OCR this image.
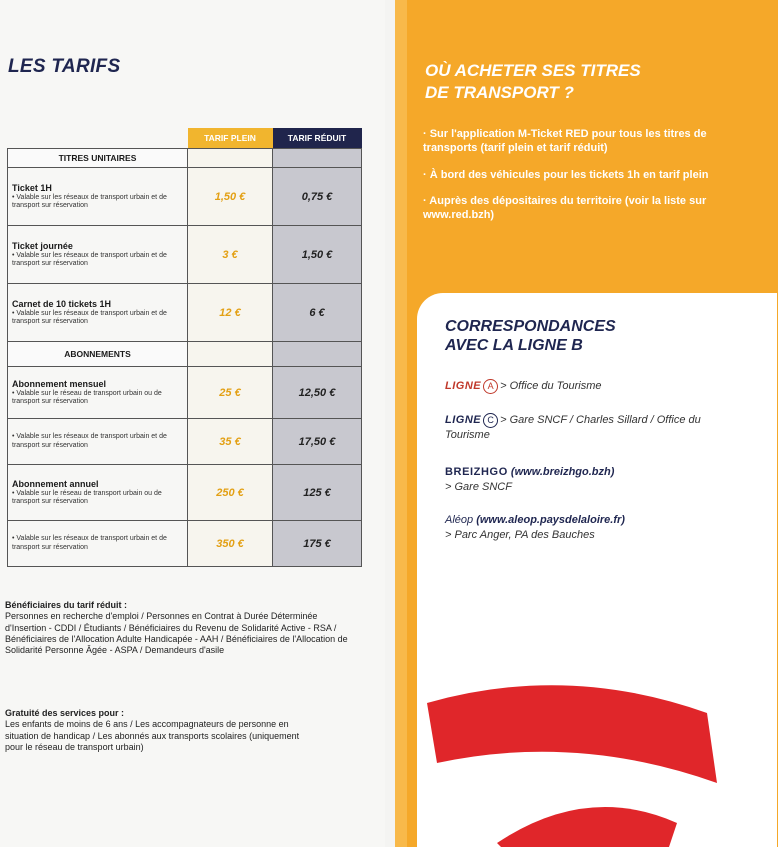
LES TARIFS
	TARIF PLEIN	TARIF RÉDUIT
TITRES UNITAIRES		

Ticket 1H
• Valable sur les réseaux de transport urbain et de transport sur réservation	1,50 €	0,75 €

Ticket journée
• Valable sur les réseaux de transport urbain et de transport sur réservation	3 €	1,50 €

Carnet de 10 tickets 1H
• Valable sur les réseaux de transport urbain et de transport sur réservation	12 €	6 €
ABONNEMENTS		

Abonnement mensuel
• Valable sur le réseau de transport urbain ou de transport sur réservation	25 €	12,50 €

• Valable sur les réseaux de transport urbain et de transport sur réservation	35 €	17,50 €

Abonnement annuel
• Valable sur le réseau de transport urbain ou de transport sur réservation	250 €	125 €

• Valable sur les réseaux de transport urbain et de transport sur réservation	350 €	175 €
Bénéficiaires du tarif réduit :
Personnes en recherche d'emploi / Personnes en Contrat à Durée Déterminée d'Insertion - CDDI / Étudiants / Bénéficiaires du Revenu de Solidarité Active - RSA / Bénéficiaires de l'Allocation Adulte Handicapée - AAH / Bénéficiaires de l'Allocation de Solidarité Personne Âgée - ASPA / Demandeurs d'asile
Gratuité des services pour :
Les enfants de moins de 6 ans / Les accompagnateurs de personne en situation de handicap / Les abonnés aux transports scolaires (uniquement pour le réseau de transport urbain)
OÙ ACHETER SES TITRES
DE TRANSPORT ?
· Sur l'application M-Ticket RED pour tous les titres de transports (tarif plein et tarif réduit)
· À bord des véhicules pour les tickets 1h en tarif plein
· Auprès des dépositaires du territoire (voir la liste sur www.red.bzh)
CORRESPONDANCES
AVEC LA LIGNE B
LIGNE A > Office du Tourisme
LIGNE C > Gare SNCF / Charles Sillard / Office du Tourisme
BREIZHGO (www.breizhgo.bzh)
> Gare SNCF
Aléop (www.aleop.paysdelaloire.fr)
> Parc Anger, PA des Bauches
